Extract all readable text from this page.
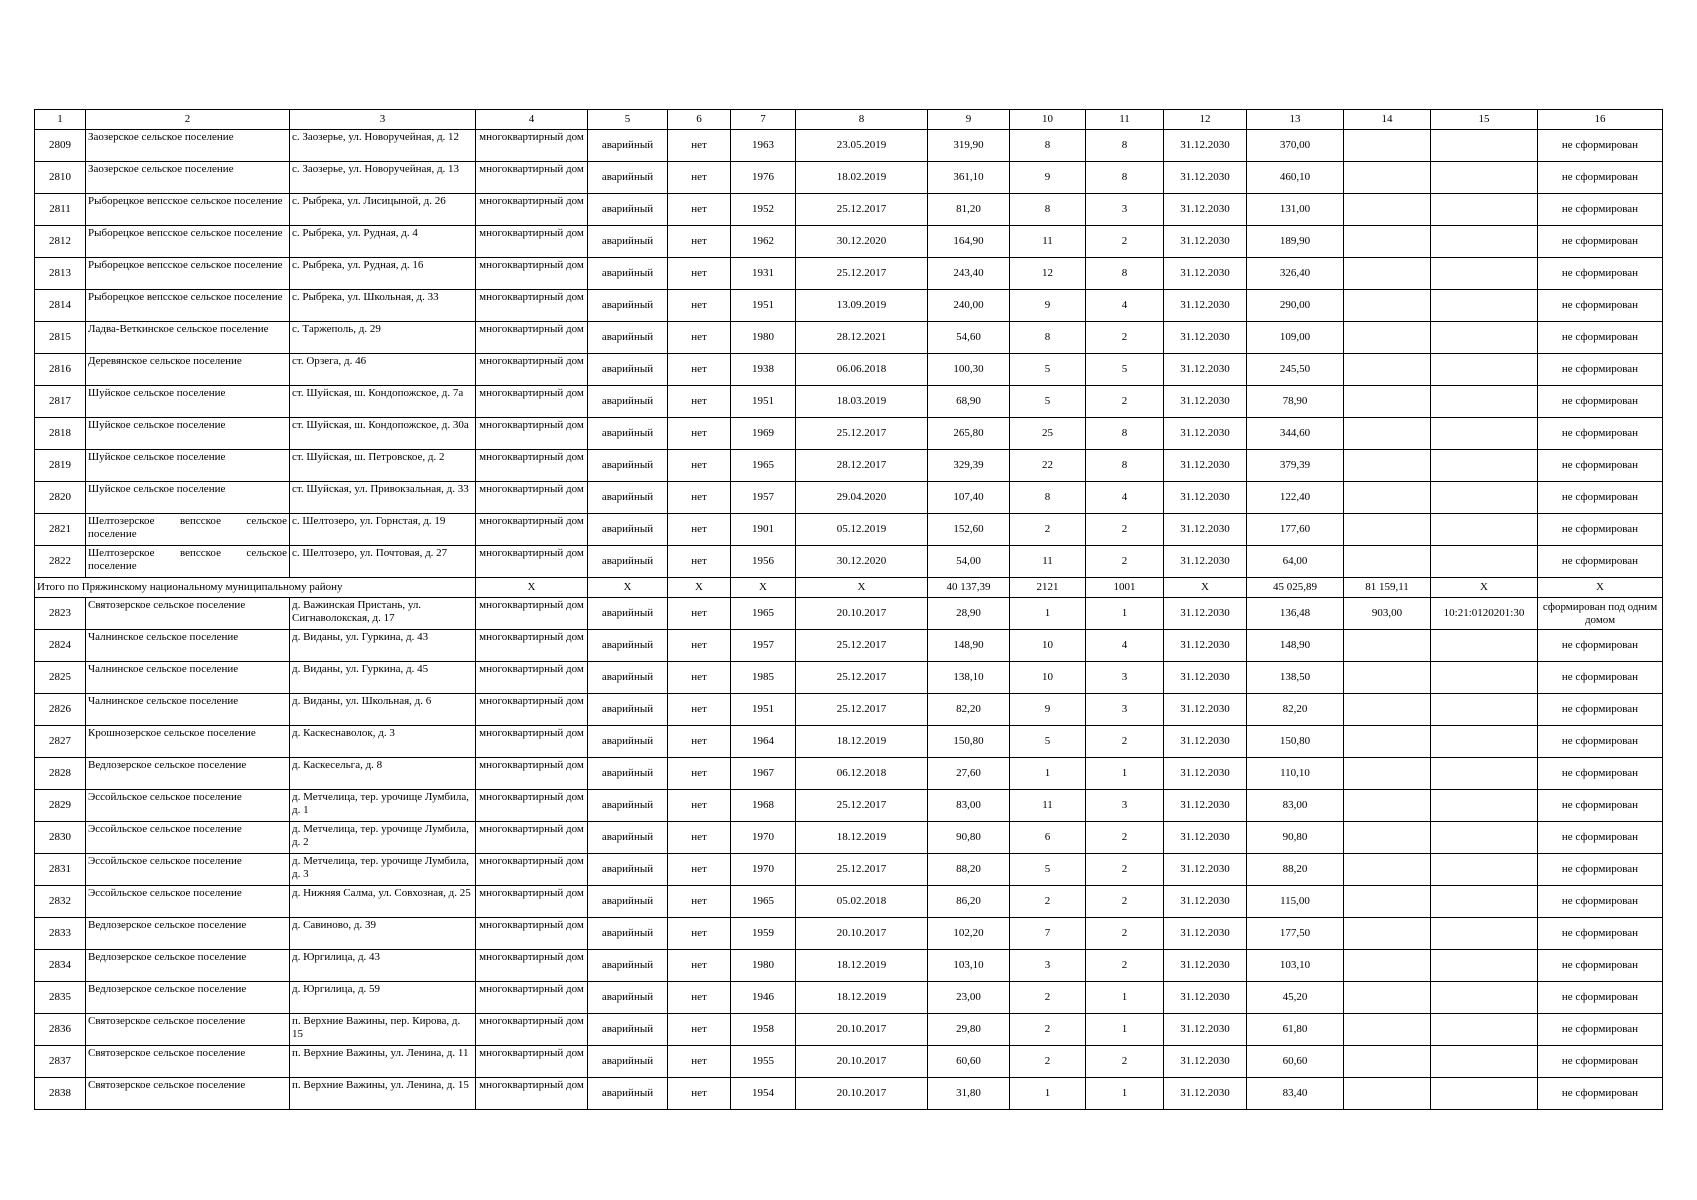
1	2	3	4	5	6	7	8	9	10	11	12	13	14	15	16
2809	Заозерское сельское поселение	с. Заозерье, ул. Новоручейная, д. 12	многоквартирный дом	аварийный	нет	1963	23.05.2019	319,90	8	8	31.12.2030	370,00			не сформирован
2810	Заозерское сельское поселение	с. Заозерье, ул. Новоручейная, д. 13	многоквартирный дом	аварийный	нет	1976	18.02.2019	361,10	9	8	31.12.2030	460,10			не сформирован
2811	Рыборецкое вепсское сельское поселение	с. Рыбрека, ул. Лисицыной, д. 26	многоквартирный дом	аварийный	нет	1952	25.12.2017	81,20	8	3	31.12.2030	131,00			не сформирован
2812	Рыборецкое вепсское сельское поселение	с. Рыбрека, ул. Рудная, д. 4	многоквартирный дом	аварийный	нет	1962	30.12.2020	164,90	11	2	31.12.2030	189,90			не сформирован
2813	Рыборецкое вепсское сельское поселение	с. Рыбрека, ул. Рудная, д. 16	многоквартирный дом	аварийный	нет	1931	25.12.2017	243,40	12	8	31.12.2030	326,40			не сформирован
2814	Рыборецкое вепсское сельское поселение	с. Рыбрека, ул. Школьная, д. 33	многоквартирный дом	аварийный	нет	1951	13.09.2019	240,00	9	4	31.12.2030	290,00			не сформирован
2815	Ладва-Веткинское сельское поселение	с. Таржеполь, д. 29	многоквартирный дом	аварийный	нет	1980	28.12.2021	54,60	8	2	31.12.2030	109,00			не сформирован
2816	Деревянское сельское поселение	ст. Орзега, д. 46	многоквартирный дом	аварийный	нет	1938	06.06.2018	100,30	5	5	31.12.2030	245,50			не сформирован
2817	Шуйское сельское поселение	ст. Шуйская, ш. Кондопожское, д. 7а	многоквартирный дом	аварийный	нет	1951	18.03.2019	68,90	5	2	31.12.2030	78,90			не сформирован
2818	Шуйское сельское поселение	ст. Шуйская, ш. Кондопожское, д. 30а	многоквартирный дом	аварийный	нет	1969	25.12.2017	265,80	25	8	31.12.2030	344,60			не сформирован
2819	Шуйское сельское поселение	ст. Шуйская, ш. Петровское, д. 2	многоквартирный дом	аварийный	нет	1965	28.12.2017	329,39	22	8	31.12.2030	379,39			не сформирован
2820	Шуйское сельское поселение	ст. Шуйская, ул. Привокзальная, д. 33	многоквартирный дом	аварийный	нет	1957	29.04.2020	107,40	8	4	31.12.2030	122,40			не сформирован
2821	Шелтозерское вепсское сельское поселение	с. Шелтозеро, ул. Горнстая, д. 19	многоквартирный дом	аварийный	нет	1901	05.12.2019	152,60	2	2	31.12.2030	177,60			не сформирован
2822	Шелтозерское вепсское сельское поселение	с. Шелтозеро, ул. Почтовая, д. 27	многоквартирный дом	аварийный	нет	1956	30.12.2020	54,00	11	2	31.12.2030	64,00			не сформирован
Итого по Пряжинскому национальному муниципальному району			X	X	X	X	X	40 137,39	2121	1001	X	45 025,89	81 159,11	X	X
2823	Святозерское сельское поселение	д. Важинская Пристань, ул. Сигнаволокская, д. 17	многоквартирный дом	аварийный	нет	1965	20.10.2017	28,90	1	1	31.12.2030	136,48	903,00	10:21:0120201:30	сформирован под одним домом
2824	Чалнинское сельское поселение	д. Виданы, ул. Гуркина, д. 43	многоквартирный дом	аварийный	нет	1957	25.12.2017	148,90	10	4	31.12.2030	148,90			не сформирован
2825	Чалнинское сельское поселение	д. Виданы, ул. Гуркина, д. 45	многоквартирный дом	аварийный	нет	1985	25.12.2017	138,10	10	3	31.12.2030	138,50			не сформирован
2826	Чалнинское сельское поселение	д. Виданы, ул. Школьная, д. 6	многоквартирный дом	аварийный	нет	1951	25.12.2017	82,20	9	3	31.12.2030	82,20			не сформирован
2827	Крошнозерское сельское поселение	д. Каскеснаволок, д. 3	многоквартирный дом	аварийный	нет	1964	18.12.2019	150,80	5	2	31.12.2030	150,80			не сформирован
2828	Ведлозерское сельское поселение	д. Каскесельга, д. 8	многоквартирный дом	аварийный	нет	1967	06.12.2018	27,60	1	1	31.12.2030	110,10			не сформирован
2829	Эссойльское сельское поселение	д. Метчелица, тер. урочище Лумбила, д. 1	многоквартирный дом	аварийный	нет	1968	25.12.2017	83,00	11	3	31.12.2030	83,00			не сформирован
2830	Эссойльское сельское поселение	д. Метчелица, тер. урочище Лумбила, д. 2	многоквартирный дом	аварийный	нет	1970	18.12.2019	90,80	6	2	31.12.2030	90,80			не сформирован
2831	Эссойльское сельское поселение	д. Метчелица, тер. урочище Лумбила, д. 3	многоквартирный дом	аварийный	нет	1970	25.12.2017	88,20	5	2	31.12.2030	88,20			не сформирован
2832	Эссойльское сельское поселение	д. Нижняя Салма, ул. Совхозная, д. 25	многоквартирный дом	аварийный	нет	1965	05.02.2018	86,20	2	2	31.12.2030	115,00			не сформирован
2833	Ведлозерское сельское поселение	д. Савиново, д. 39	многоквартирный дом	аварийный	нет	1959	20.10.2017	102,20	7	2	31.12.2030	177,50			не сформирован
2834	Ведлозерское сельское поселение	д. Юргилица, д. 43	многоквартирный дом	аварийный	нет	1980	18.12.2019	103,10	3	2	31.12.2030	103,10			не сформирован
2835	Ведлозерское сельское поселение	д. Юргилица, д. 59	многоквартирный дом	аварийный	нет	1946	18.12.2019	23,00	2	1	31.12.2030	45,20			не сформирован
2836	Святозерское сельское поселение	п. Верхние Важины, пер. Кирова, д. 15	многоквартирный дом	аварийный	нет	1958	20.10.2017	29,80	2	1	31.12.2030	61,80			не сформирован
2837	Святозерское сельское поселение	п. Верхние Важины, ул. Ленина, д. 11	многоквартирный дом	аварийный	нет	1955	20.10.2017	60,60	2	2	31.12.2030	60,60			не сформирован
2838	Святозерское сельское поселение	п. Верхние Важины, ул. Ленина, д. 15	многоквартирный дом	аварийный	нет	1954	20.10.2017	31,80	1	1	31.12.2030	83,40			не сформирован
